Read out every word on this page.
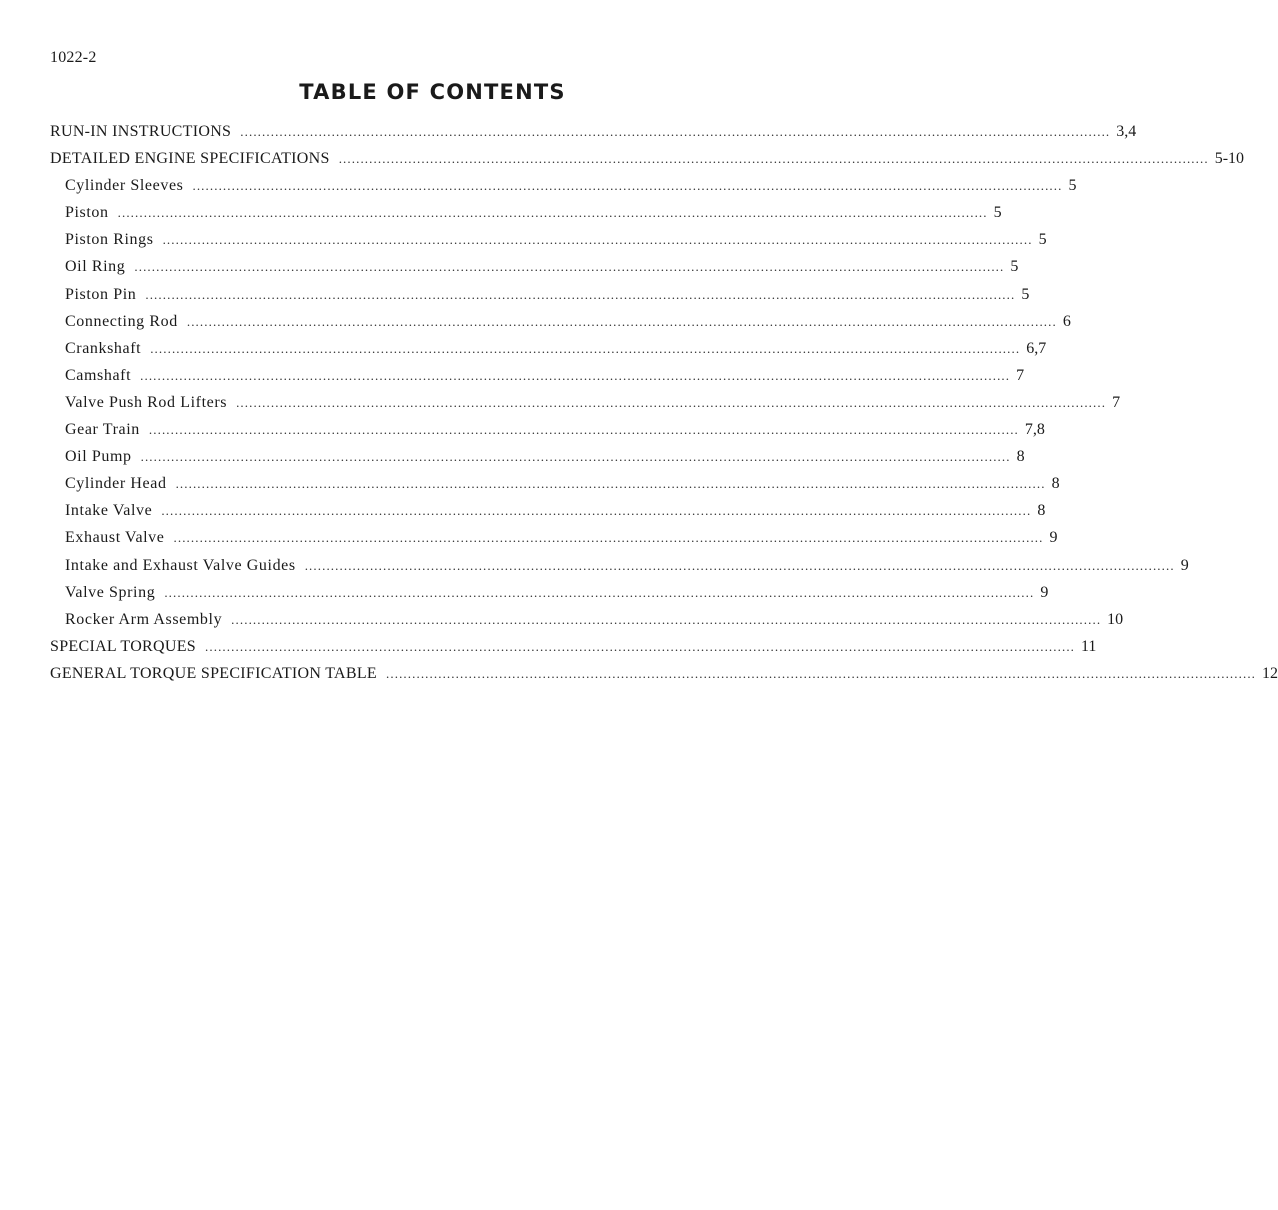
1022-2
TABLE OF CONTENTS
RUN-IN INSTRUCTIONS ........................................................................................................................................................................................................ 3,4
DETAILED ENGINE SPECIFICATIONS ........................................................................................................................................................................................................ 5-10
Cylinder Sleeves ........................................................................................................................................................................................................ 5
Piston ........................................................................................................................................................................................................ 5
Piston Rings ........................................................................................................................................................................................................ 5
Oil Ring ........................................................................................................................................................................................................ 5
Piston Pin ........................................................................................................................................................................................................ 5
Connecting Rod ........................................................................................................................................................................................................ 6
Crankshaft ........................................................................................................................................................................................................ 6,7
Camshaft ........................................................................................................................................................................................................ 7
Valve Push Rod Lifters ........................................................................................................................................................................................................ 7
Gear Train ........................................................................................................................................................................................................ 7,8
Oil Pump ........................................................................................................................................................................................................ 8
Cylinder Head ........................................................................................................................................................................................................ 8
Intake Valve ........................................................................................................................................................................................................ 8
Exhaust Valve ........................................................................................................................................................................................................ 9
Intake and Exhaust Valve Guides ........................................................................................................................................................................................................ 9
Valve Spring ........................................................................................................................................................................................................ 9
Rocker Arm Assembly ........................................................................................................................................................................................................ 10
SPECIAL TORQUES ........................................................................................................................................................................................................ 11
GENERAL TORQUE SPECIFICATION TABLE ........................................................................................................................................................................................................ 12
